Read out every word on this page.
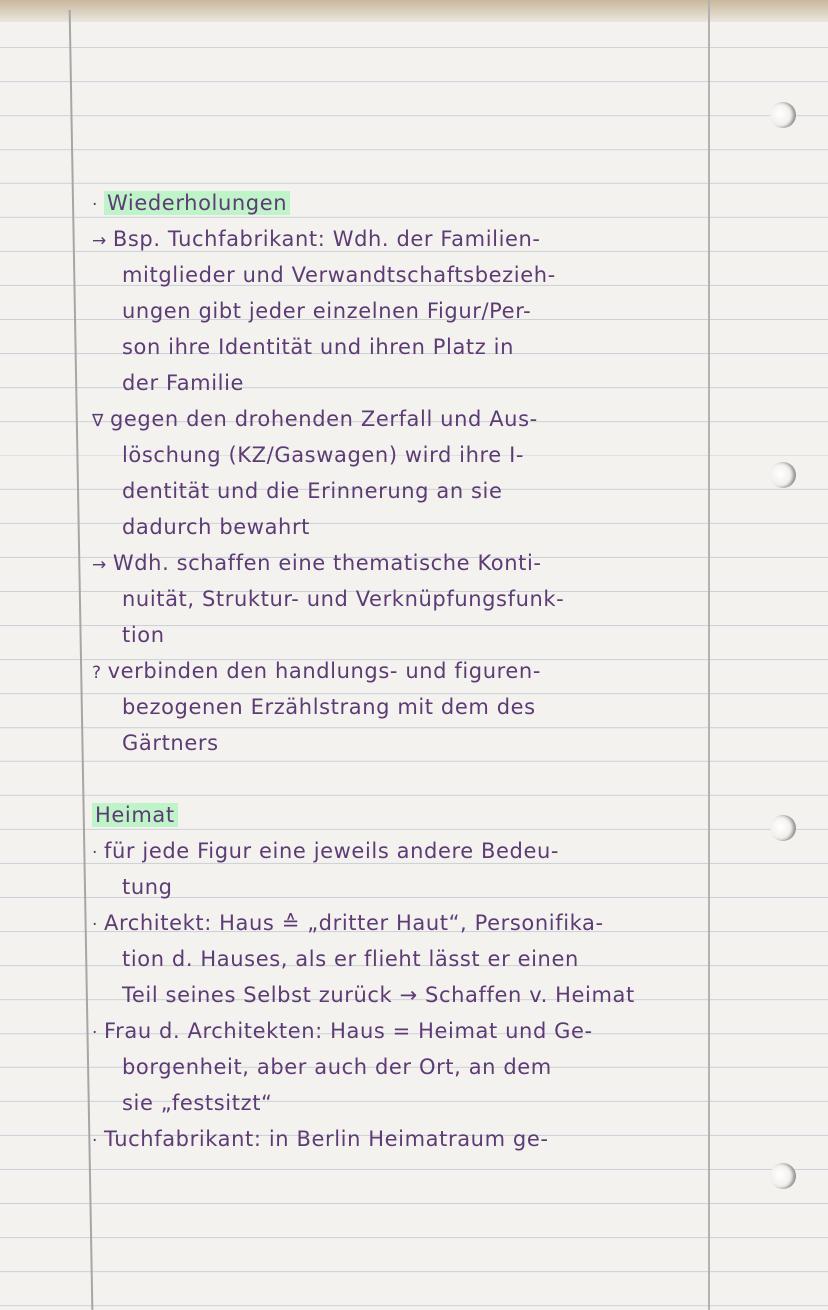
· Wiederholungen
→ Bsp. Tuchfabrikant: Wdh. der Familien-
mitglieder und Verwandtschaftsbezieh-
ungen gibt jeder einzelnen Figur/Per-
son ihre Identität und ihren Platz in
der Familie
∇ gegen den drohenden Zerfall und Aus-
löschung (KZ/Gaswagen) wird ihre I-
dentität und die Erinnerung an sie
dadurch bewahrt
→ Wdh. schaffen eine thematische Konti-
nuität, Struktur- und Verknüpfungsfunk-
tion
? verbinden den handlungs- und figuren-
bezogenen Erzählstrang mit dem des
Gärtners
Heimat
· für jede Figur eine jeweils andere Bedeu-
tung
· Architekt: Haus ≙ „dritter Haut“, Personifika-
tion d. Hauses, als er flieht lässt er einen
Teil seines Selbst zurück → Schaffen v. Heimat
· Frau d. Architekten: Haus = Heimat und Ge-
borgenheit, aber auch der Ort, an dem
sie „festsitzt“
· Tuchfabrikant: in Berlin Heimatraum ge-
